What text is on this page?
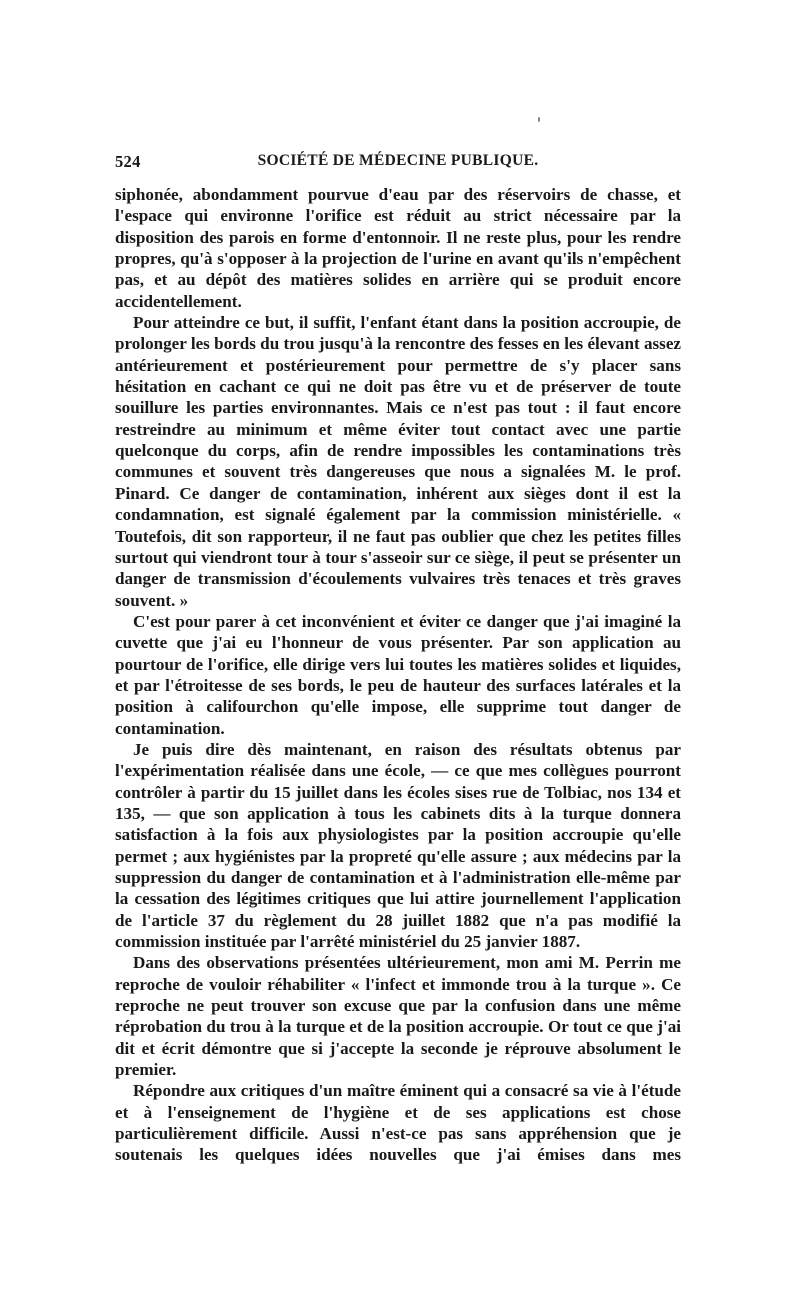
524	SOCIÉTÉ DE MÉDECINE PUBLIQUE.

siphonée, abondamment pourvue d'eau par des réservoirs de chasse, et l'espace qui environne l'orifice est réduit au strict nécessaire par la disposition des parois en forme d'entonnoir. Il ne reste plus, pour les rendre propres, qu'à s'opposer à la projection de l'urine en avant qu'ils n'empêchent pas, et au dépôt des matières solides en arrière qui se produit encore accidentellement.

Pour atteindre ce but, il suffit, l'enfant étant dans la position accroupie, de prolonger les bords du trou jusqu'à la rencontre des fesses en les élevant assez antérieurement et postérieurement pour permettre de s'y placer sans hésitation en cachant ce qui ne doit pas être vu et de préserver de toute souillure les parties environnantes. Mais ce n'est pas tout : il faut encore restreindre au minimum et même éviter tout contact avec une partie quelconque du corps, afin de rendre impossibles les contaminations très communes et souvent très dangereuses que nous a signalées M. le prof. Pinard. Ce danger de contamination, inhérent aux sièges dont il est la condamnation, est signalé également par la commission ministérielle. « Toutefois, dit son rapporteur, il ne faut pas oublier que chez les petites filles surtout qui viendront tour à tour s'asseoir sur ce siège, il peut se présenter un danger de transmission d'écoulements vulvaires très tenaces et très graves souvent. »

C'est pour parer à cet inconvénient et éviter ce danger que j'ai imaginé la cuvette que j'ai eu l'honneur de vous présenter. Par son application au pourtour de l'orifice, elle dirige vers lui toutes les matières solides et liquides, et par l'étroitesse de ses bords, le peu de hauteur des surfaces latérales et la position à califourchon qu'elle impose, elle supprime tout danger de contamination.

Je puis dire dès maintenant, en raison des résultats obtenus par l'expérimentation réalisée dans une école, — ce que mes collègues pourront contrôler à partir du 15 juillet dans les écoles sises rue de Tolbiac, nos 134 et 135, — que son application à tous les cabinets dits à la turque donnera satisfaction à la fois aux physiologistes par la position accroupie qu'elle permet ; aux hygiénistes par la propreté qu'elle assure ; aux médecins par la suppression du danger de contamination et à l'administration elle-même par la cessation des légitimes critiques que lui attire journellement l'application de l'article 37 du règlement du 28 juillet 1882 que n'a pas modifié la commission instituée par l'arrêté ministériel du 25 janvier 1887.

Dans des observations présentées ultérieurement, mon ami M. Perrin me reproche de vouloir réhabiliter « l'infect et immonde trou à la turque ». Ce reproche ne peut trouver son excuse que par la confusion dans une même réprobation du trou à la turque et de la position accroupie. Or tout ce que j'ai dit et écrit démontre que si j'accepte la seconde je réprouve absolument le premier.

Répondre aux critiques d'un maître éminent qui a consacré sa vie à l'étude et à l'enseignement de l'hygiène et de ses applications est chose particulièrement difficile. Aussi n'est-ce pas sans appréhension que je soutenais les quelques idées nouvelles que j'ai émises dans mes
